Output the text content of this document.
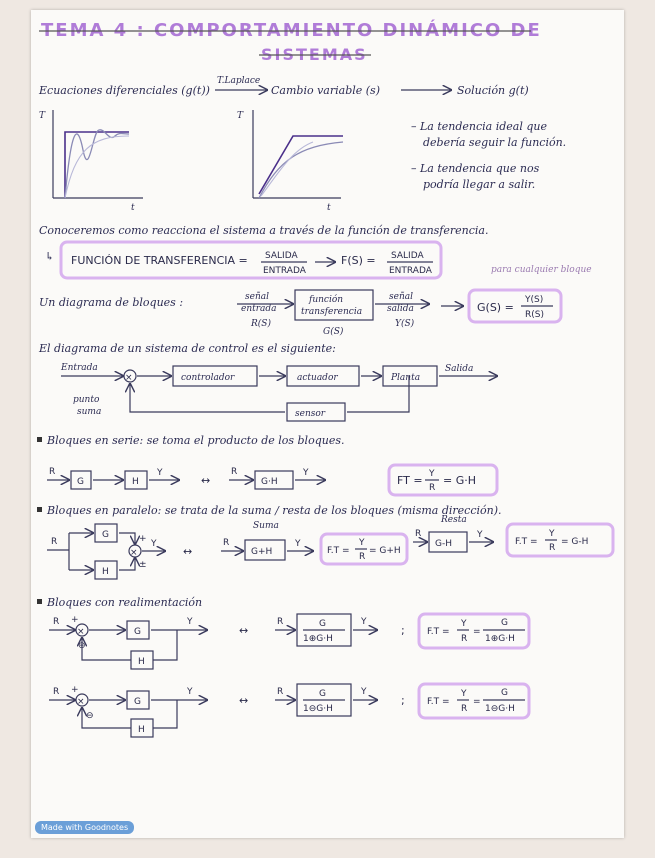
TEMA 4 : COMPORTAMIENTO DINÁMICO DE
SISTEMAS
Ecuaciones diferenciales (g(t))
T.Laplace
Cambio variable (s)	Solución g(t)
T
t
T
t
– La tendencia ideal que
debería seguir la función.
– La tendencia que nos
podría llegar a salir.
Conoceremos como reacciona el sistema a través de la función de transferencia.
↳ FUNCIÓN DE TRANSFERENCIA = SALIDA
ENTRADA
F(S) = SALIDA
ENTRADA	para cualquier bloque
Un diagrama de bloques :	señal
entrada
R(S)
función
transferencia
G(S)
señal
salida
Y(S)
G(S) =
Y(S)
R(S)
El diagrama de un sistema de control es el siguiente:
Entrada
×	controlador	actuador	Planta
Salida
punto
suma	sensor
Bloques en serie: se toma el producto de los bloques.
R
G	H
Y
↔
R
G·H
Y
FT = Y
R
= G·H
Bloques en paralelo: se trata de la suma / resta de los bloques (misma dirección).
R
G
H
×
+
±
Y
↔
Suma
R
G+H
Y
F.T =
Y
R
= G+H
Resta
R
G-H
Y
F.T =
Y
R
= G-H
Bloques con realimentación
R +
×
⊕
G
Y
H
↔
R	G
1⊕G·H
Y
; F.T =
Y
R
=
G
1⊕G·H
R +
×
⊖
G
Y
H
↔
R	G
1⊖G·H
Y
; F.T =
Y
R
=
G
1⊖G·H
Made with Goodnotes
